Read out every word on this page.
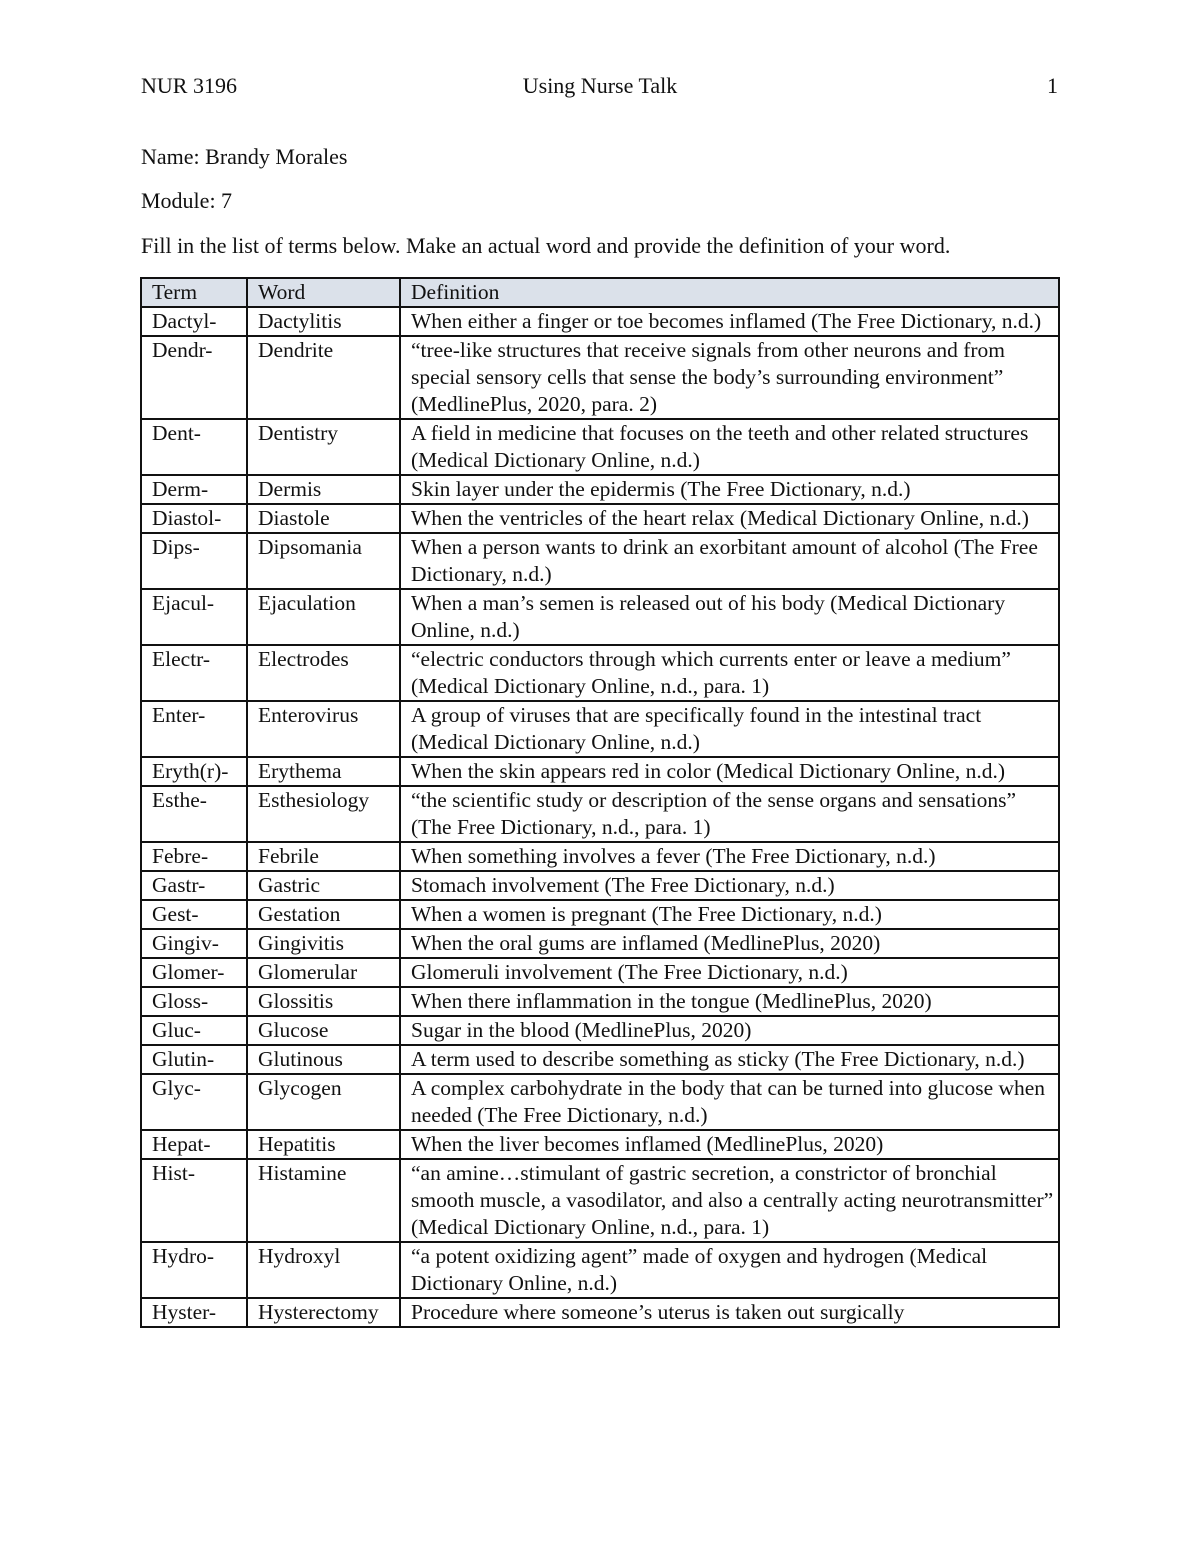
NUR 3196	Using Nurse Talk	1
Name: Brandy Morales
Module: 7
Fill in the list of terms below. Make an actual word and provide the definition of your word.
Term	Word	Definition
Dactyl-	Dactylitis	When either a finger or toe becomes inflamed (The Free Dictionary, n.d.)
Dendr-	Dendrite	“tree-like structures that receive signals from other neurons and from special sensory cells that sense the body’s surrounding environment” (MedlinePlus, 2020, para. 2)
Dent-	Dentistry	A field in medicine that focuses on the teeth and other related structures (Medical Dictionary Online, n.d.)
Derm-	Dermis	Skin layer under the epidermis (The Free Dictionary, n.d.)
Diastol-	Diastole	When the ventricles of the heart relax (Medical Dictionary Online, n.d.)
Dips-	Dipsomania	When a person wants to drink an exorbitant amount of alcohol (The Free Dictionary, n.d.)
Ejacul-	Ejaculation	When a man’s semen is released out of his body (Medical Dictionary Online, n.d.)
Electr-	Electrodes	“electric conductors through which currents enter or leave a medium” (Medical Dictionary Online, n.d., para. 1)
Enter-	Enterovirus	A group of viruses that are specifically found in the intestinal tract (Medical Dictionary Online, n.d.)
Eryth(r)-	Erythema	When the skin appears red in color (Medical Dictionary Online, n.d.)
Esthe-	Esthesiology	“the scientific study or description of the sense organs and sensations” (The Free Dictionary, n.d., para. 1)
Febre-	Febrile	When something involves a fever (The Free Dictionary, n.d.)
Gastr-	Gastric	Stomach involvement (The Free Dictionary, n.d.)
Gest-	Gestation	When a women is pregnant (The Free Dictionary, n.d.)
Gingiv-	Gingivitis	When the oral gums are inflamed (MedlinePlus, 2020)
Glomer-	Glomerular	Glomeruli involvement (The Free Dictionary, n.d.)
Gloss-	Glossitis	When there inflammation in the tongue (MedlinePlus, 2020)
Gluc-	Glucose	Sugar in the blood (MedlinePlus, 2020)
Glutin-	Glutinous	A term used to describe something as sticky (The Free Dictionary, n.d.)
Glyc-	Glycogen	A complex carbohydrate in the body that can be turned into glucose when needed (The Free Dictionary, n.d.)
Hepat-	Hepatitis	When the liver becomes inflamed (MedlinePlus, 2020)
Hist-	Histamine	“an amine…stimulant of gastric secretion, a constrictor of bronchial smooth muscle, a vasodilator, and also a centrally acting neurotransmitter” (Medical Dictionary Online, n.d., para. 1)
Hydro-	Hydroxyl	“a potent oxidizing agent” made of oxygen and hydrogen (Medical Dictionary Online, n.d.)
Hyster-	Hysterectomy	Procedure where someone’s uterus is taken out surgically
